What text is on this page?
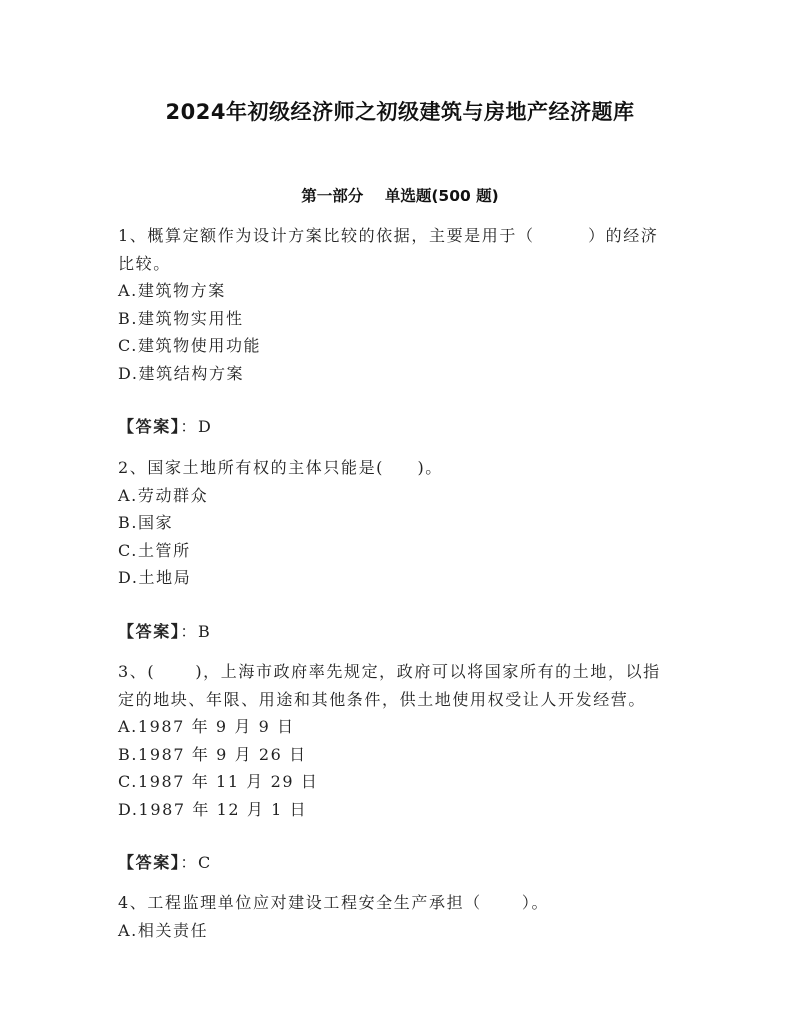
2024年初级经济师之初级建筑与房地产经济题库
第一部分    单选题(500 题)
1、概算定额作为设计方案比较的依据，主要是用于（        ）的经济
比较。
A.建筑物方案
B.建筑物实用性
C.建筑物使用功能
D.建筑结构方案
【答案】：D
2、国家土地所有权的主体只能是(     )。
A.劳动群众
B.国家
C.土管所
D.土地局
【答案】：B
3、(      )，上海市政府率先规定，政府可以将国家所有的土地，以指
定的地块、年限、用途和其他条件，供土地使用权受让人开发经营。
A.1987 年 9 月 9 日
B.1987 年 9 月 26 日
C.1987 年 11 月 29 日
D.1987 年 12 月 1 日
【答案】：C
4、工程监理单位应对建设工程安全生产承担（      ）。
A.相关责任
